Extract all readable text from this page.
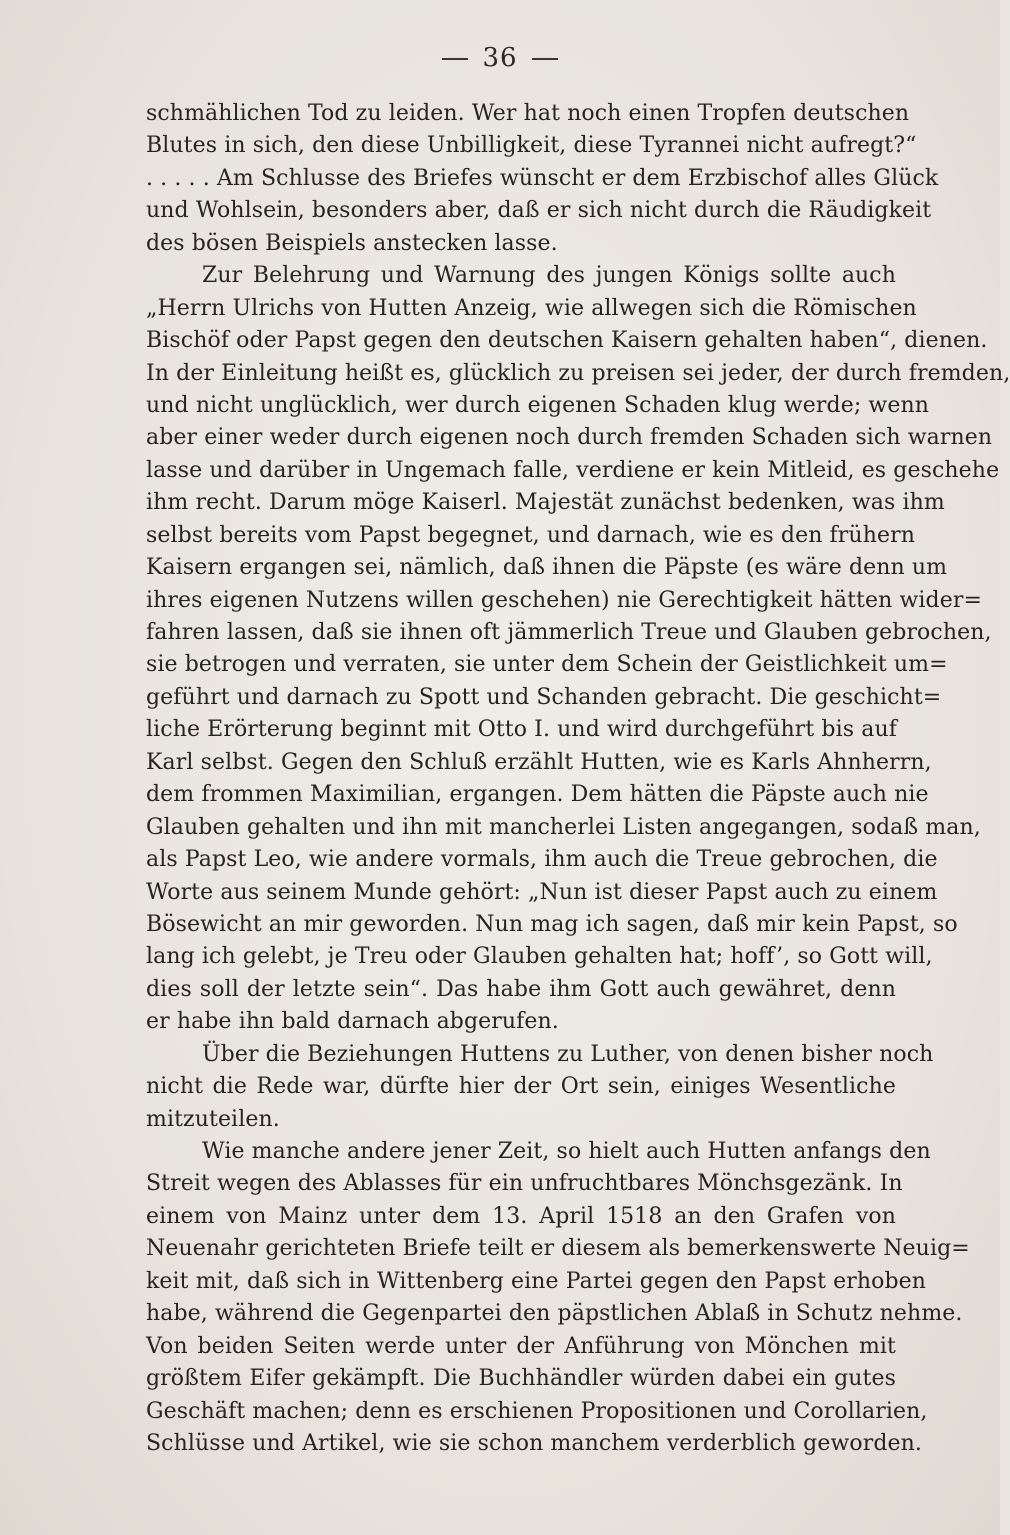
36
schmählichen Tod zu leiden. Wer hat noch einen Tropfen deutschen
Blutes in sich, den diese Unbilligkeit, diese Tyrannei nicht aufregt?“
. . . . . Am Schlusse des Briefes wünscht er dem Erzbischof alles Glück
und Wohlsein, besonders aber, daß er sich nicht durch die Räudigkeit
des bösen Beispiels anstecken lasse.
Zur Belehrung und Warnung des jungen Königs sollte auch
„Herrn Ulrichs von Hutten Anzeig, wie allwegen sich die Römischen
Bischöf oder Papst gegen den deutschen Kaisern gehalten haben“, dienen.
In der Einleitung heißt es, glücklich zu preisen sei jeder, der durch fremden,
und nicht unglücklich, wer durch eigenen Schaden klug werde; wenn
aber einer weder durch eigenen noch durch fremden Schaden sich warnen
lasse und darüber in Ungemach falle, verdiene er kein Mitleid, es geschehe
ihm recht. Darum möge Kaiserl. Majestät zunächst bedenken, was ihm
selbst bereits vom Papst begegnet, und darnach, wie es den frühern
Kaisern ergangen sei, nämlich, daß ihnen die Päpste (es wäre denn um
ihres eigenen Nutzens willen geschehen) nie Gerechtigkeit hätten wider=
fahren lassen, daß sie ihnen oft jämmerlich Treue und Glauben gebrochen,
sie betrogen und verraten, sie unter dem Schein der Geistlichkeit um=
geführt und darnach zu Spott und Schanden gebracht. Die geschicht=
liche Erörterung beginnt mit Otto I. und wird durchgeführt bis auf
Karl selbst. Gegen den Schluß erzählt Hutten, wie es Karls Ahnherrn,
dem frommen Maximilian, ergangen. Dem hätten die Päpste auch nie
Glauben gehalten und ihn mit mancherlei Listen angegangen, sodaß man,
als Papst Leo, wie andere vormals, ihm auch die Treue gebrochen, die
Worte aus seinem Munde gehört: „Nun ist dieser Papst auch zu einem
Bösewicht an mir geworden. Nun mag ich sagen, daß mir kein Papst, so
lang ich gelebt, je Treu oder Glauben gehalten hat; hoff’, so Gott will,
dies soll der letzte sein“. Das habe ihm Gott auch gewähret, denn
er habe ihn bald darnach abgerufen.
Über die Beziehungen Huttens zu Luther, von denen bisher noch
nicht die Rede war, dürfte hier der Ort sein, einiges Wesentliche
mitzuteilen.
Wie manche andere jener Zeit, so hielt auch Hutten anfangs den
Streit wegen des Ablasses für ein unfruchtbares Mönchsgezänk. In
einem von Mainz unter dem 13. April 1518 an den Grafen von
Neuenahr gerichteten Briefe teilt er diesem als bemerkenswerte Neuig=
keit mit, daß sich in Wittenberg eine Partei gegen den Papst erhoben
habe, während die Gegenpartei den päpstlichen Ablaß in Schutz nehme.
Von beiden Seiten werde unter der Anführung von Mönchen mit
größtem Eifer gekämpft. Die Buchhändler würden dabei ein gutes
Geschäft machen; denn es erschienen Propositionen und Corollarien,
Schlüsse und Artikel, wie sie schon manchem verderblich geworden.
